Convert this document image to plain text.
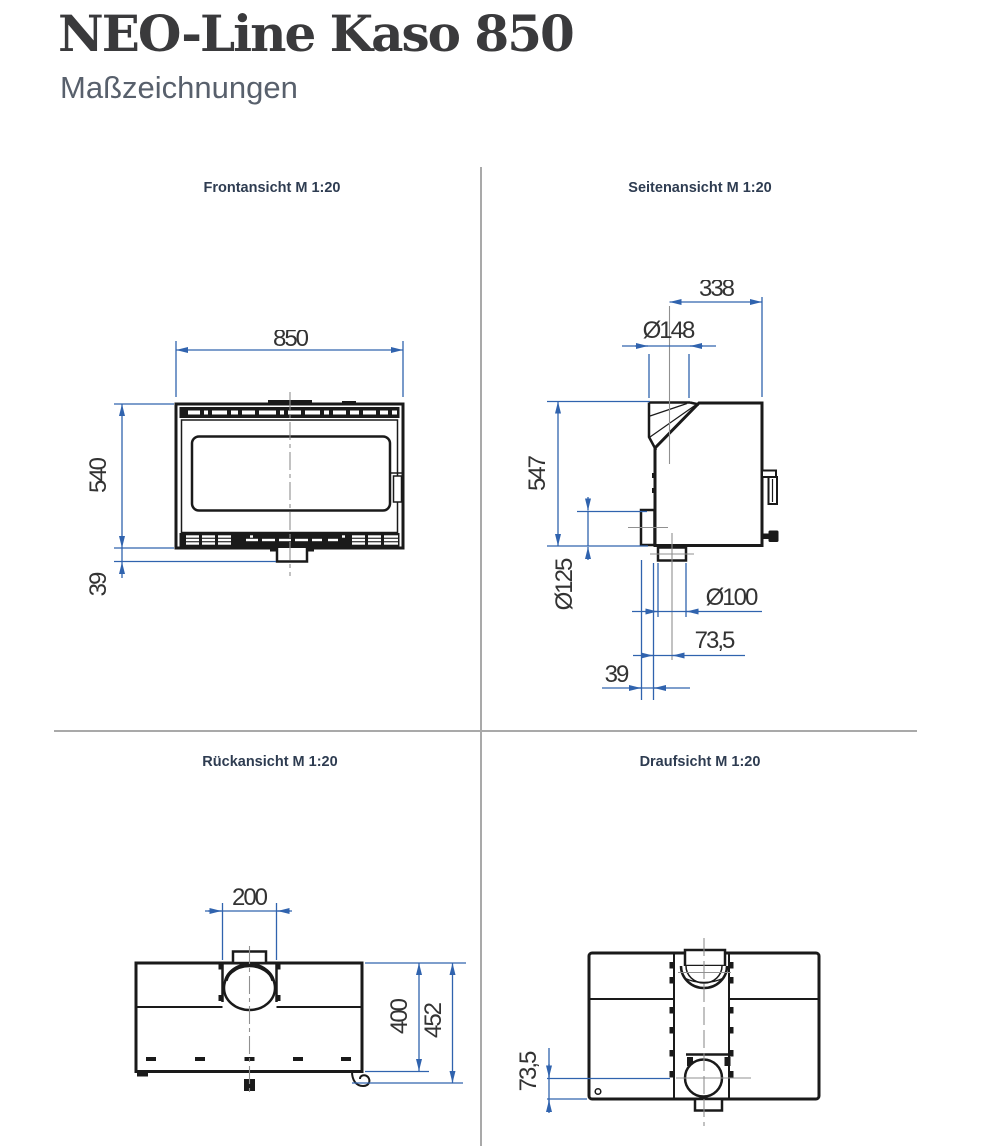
NEO-Line Kaso 850
Maßzeichnungen
Frontansicht M 1:20	Seitenansicht M 1:20
Rückansicht M 1:20	Draufsicht M 1:20
850
540
39
338
Ø148
547
Ø125	Ø100
73,5
39
200
400 452
73,5
